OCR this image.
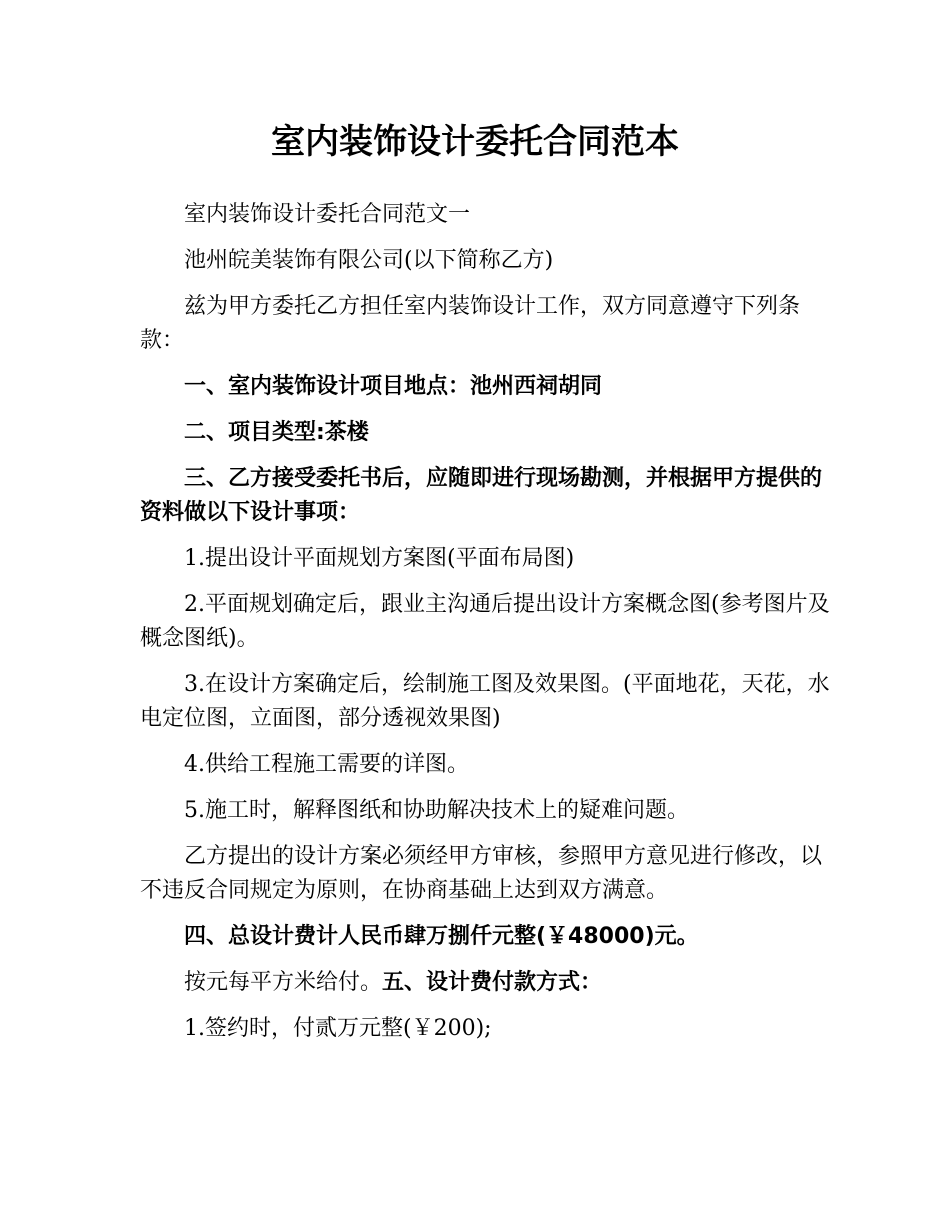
室内装饰设计委托合同范本

室内装饰设计委托合同范文一

池州皖美装饰有限公司(以下简称乙方)

兹为甲方委托乙方担任室内装饰设计工作，双方同意遵守下列条款：

一、室内装饰设计项目地点：池州西祠胡同

二、项目类型:茶楼

三、乙方接受委托书后，应随即进行现场勘测，并根据甲方提供的资料做以下设计事项：

1.提出设计平面规划方案图(平面布局图)

2.平面规划确定后，跟业主沟通后提出设计方案概念图(参考图片及概念图纸)。

3.在设计方案确定后，绘制施工图及效果图。(平面地花，天花，水电定位图，立面图，部分透视效果图)

4.供给工程施工需要的详图。

5.施工时，解释图纸和协助解决技术上的疑难问题。

乙方提出的设计方案必须经甲方审核，参照甲方意见进行修改，以不违反合同规定为原则，在协商基础上达到双方满意。

四、总设计费计人民币肆万捌仟元整(￥48000)元。

按元每平方米给付。五、设计费付款方式：

1.签约时，付贰万元整(￥200);
